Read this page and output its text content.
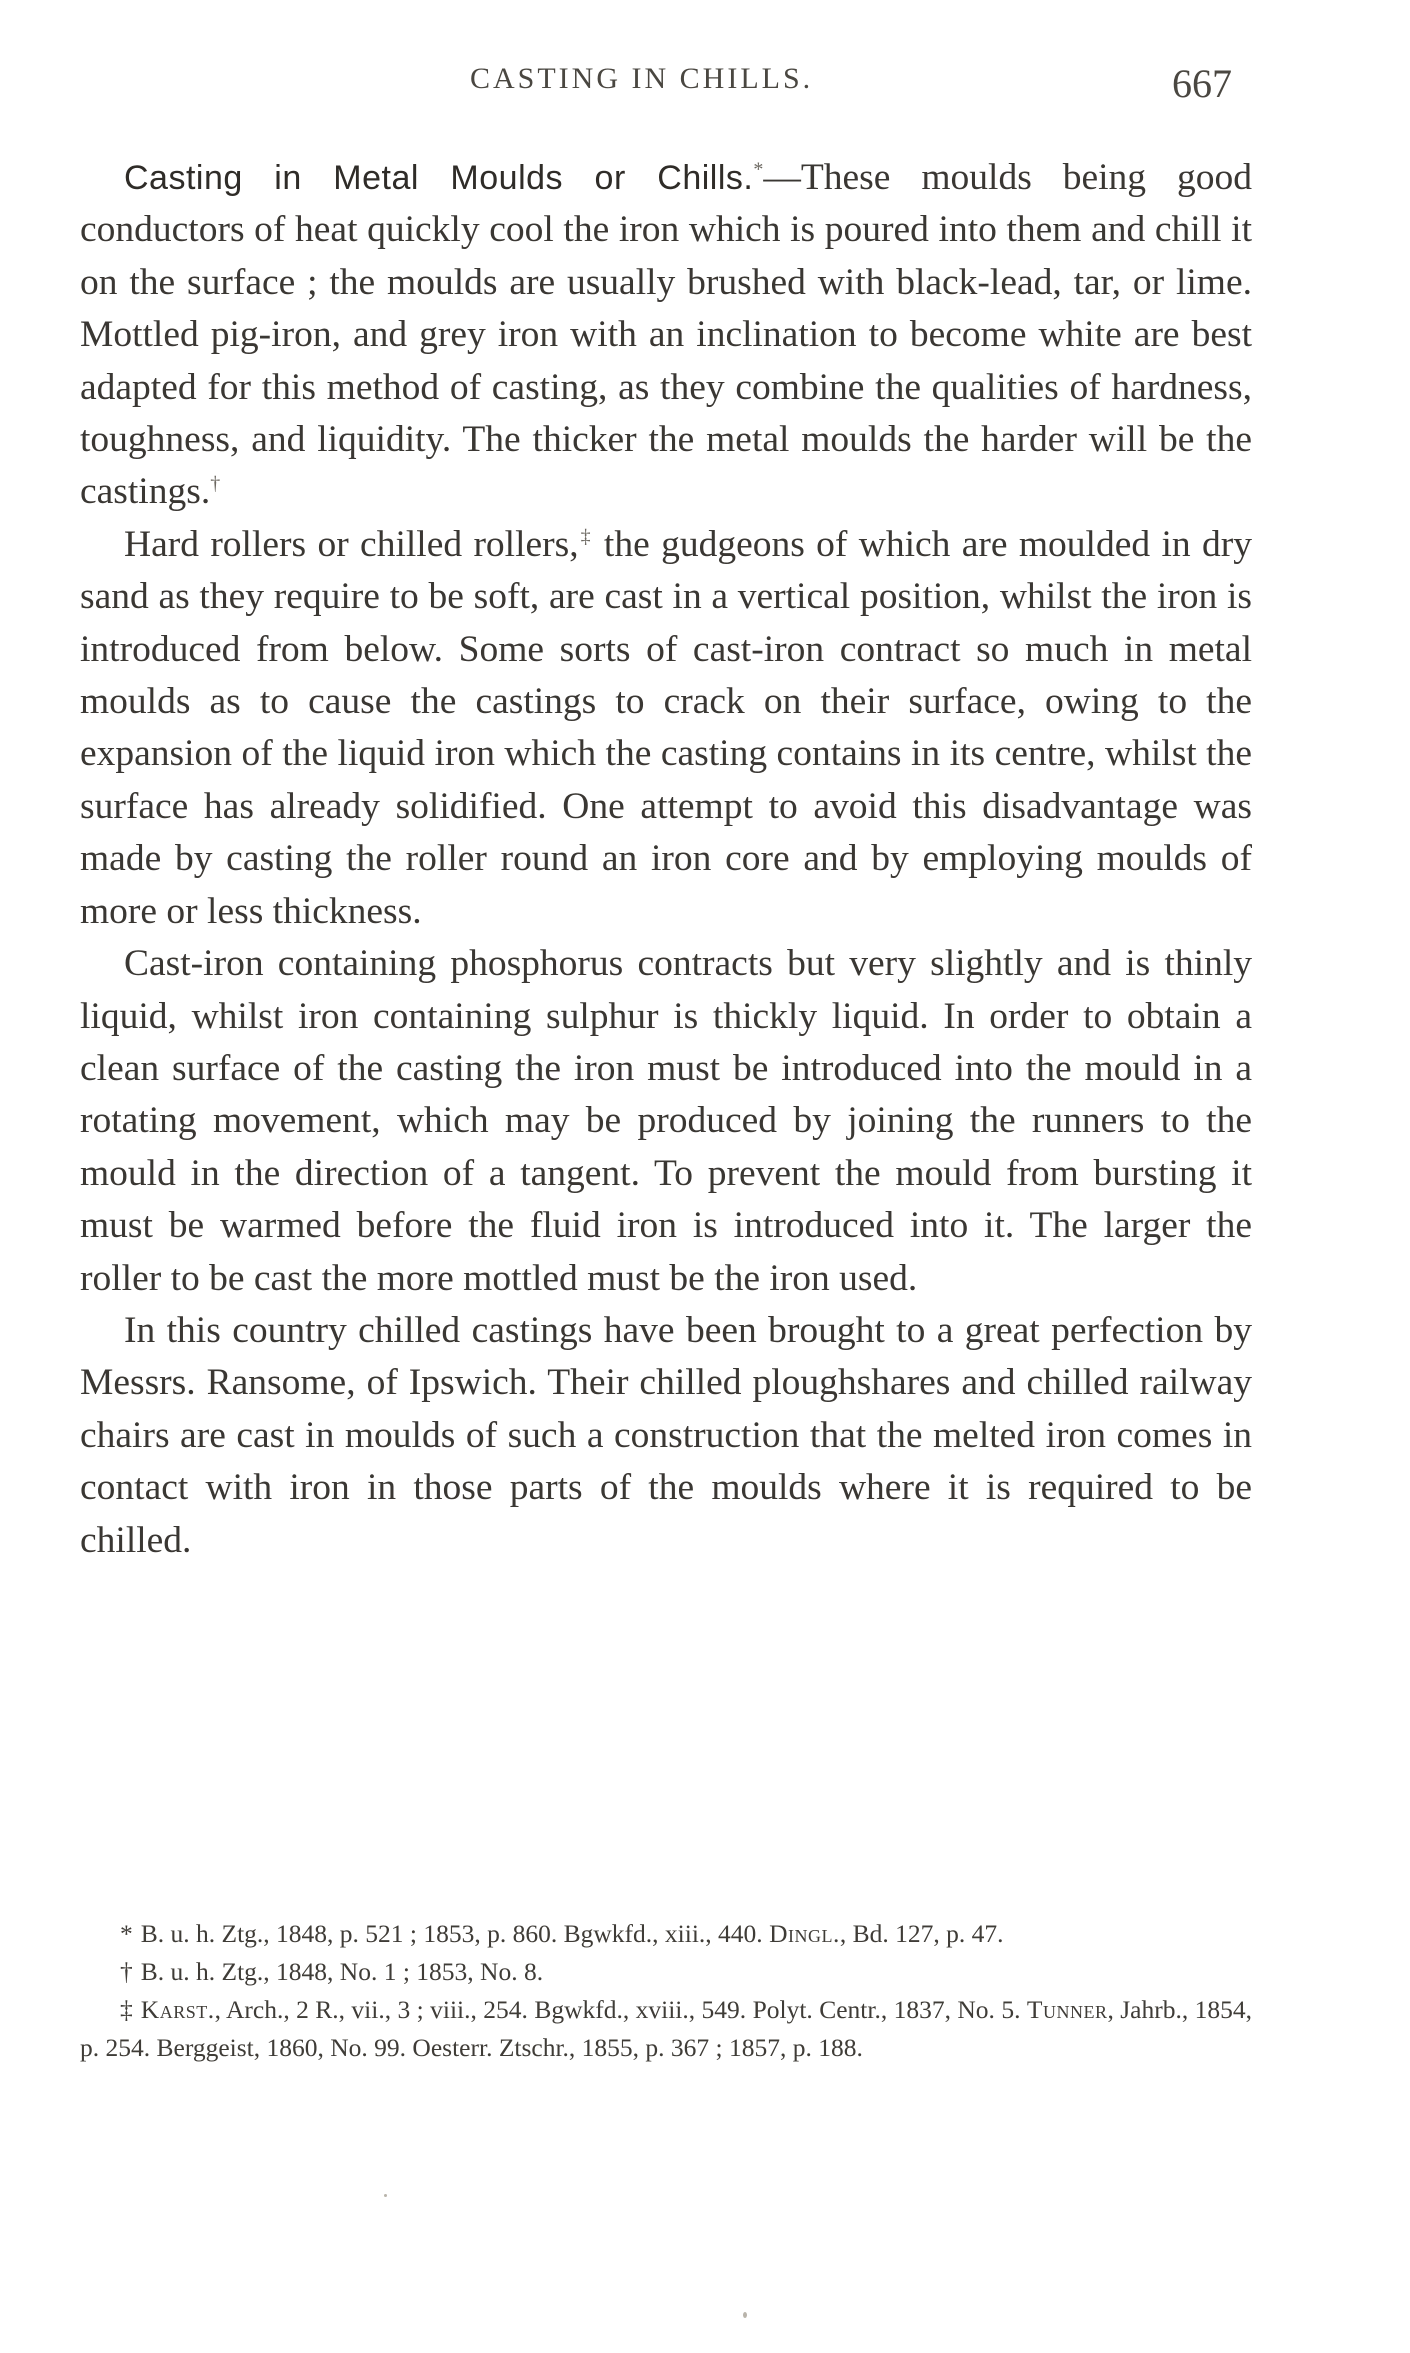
CASTING IN CHILLS.	667

Casting in Metal Moulds or Chills.*—These moulds being good conductors of heat quickly cool the iron which is poured into them and chill it on the surface ; the moulds are usually brushed with black-lead, tar, or lime. Mottled pig-iron, and grey iron with an inclination to become white are best adapted for this method of casting, as they combine the qualities of hardness, toughness, and liquidity. The thicker the metal moulds the harder will be the castings.†

Hard rollers or chilled rollers,‡ the gudgeons of which are moulded in dry sand as they require to be soft, are cast in a vertical position, whilst the iron is introduced from below. Some sorts of cast-iron contract so much in metal moulds as to cause the castings to crack on their surface, owing to the expansion of the liquid iron which the casting contains in its centre, whilst the surface has already solidified. One attempt to avoid this disadvantage was made by casting the roller round an iron core and by employing moulds of more or less thickness.

Cast-iron containing phosphorus contracts but very slightly and is thinly liquid, whilst iron containing sulphur is thickly liquid. In order to obtain a clean surface of the casting the iron must be introduced into the mould in a rotating movement, which may be produced by joining the runners to the mould in the direction of a tangent. To prevent the mould from bursting it must be warmed before the fluid iron is introduced into it. The larger the roller to be cast the more mottled must be the iron used.

In this country chilled castings have been brought to a great perfection by Messrs. Ransome, of Ipswich. Their chilled ploughshares and chilled railway chairs are cast in moulds of such a construction that the melted iron comes in contact with iron in those parts of the moulds where it is required to be chilled.

* B. u. h. Ztg., 1848, p. 521 ; 1853, p. 860. Bgwkfd., xiii., 440. Dingl., Bd. 127, p. 47.

† B. u. h. Ztg., 1848, No. 1 ; 1853, No. 8.

‡ Karst., Arch., 2 R., vii., 3 ; viii., 254. Bgwkfd., xviii., 549. Polyt. Centr., 1837, No. 5. Tunner, Jahrb., 1854, p. 254. Berggeist, 1860, No. 99. Oesterr. Ztschr., 1855, p. 367 ; 1857, p. 188.
